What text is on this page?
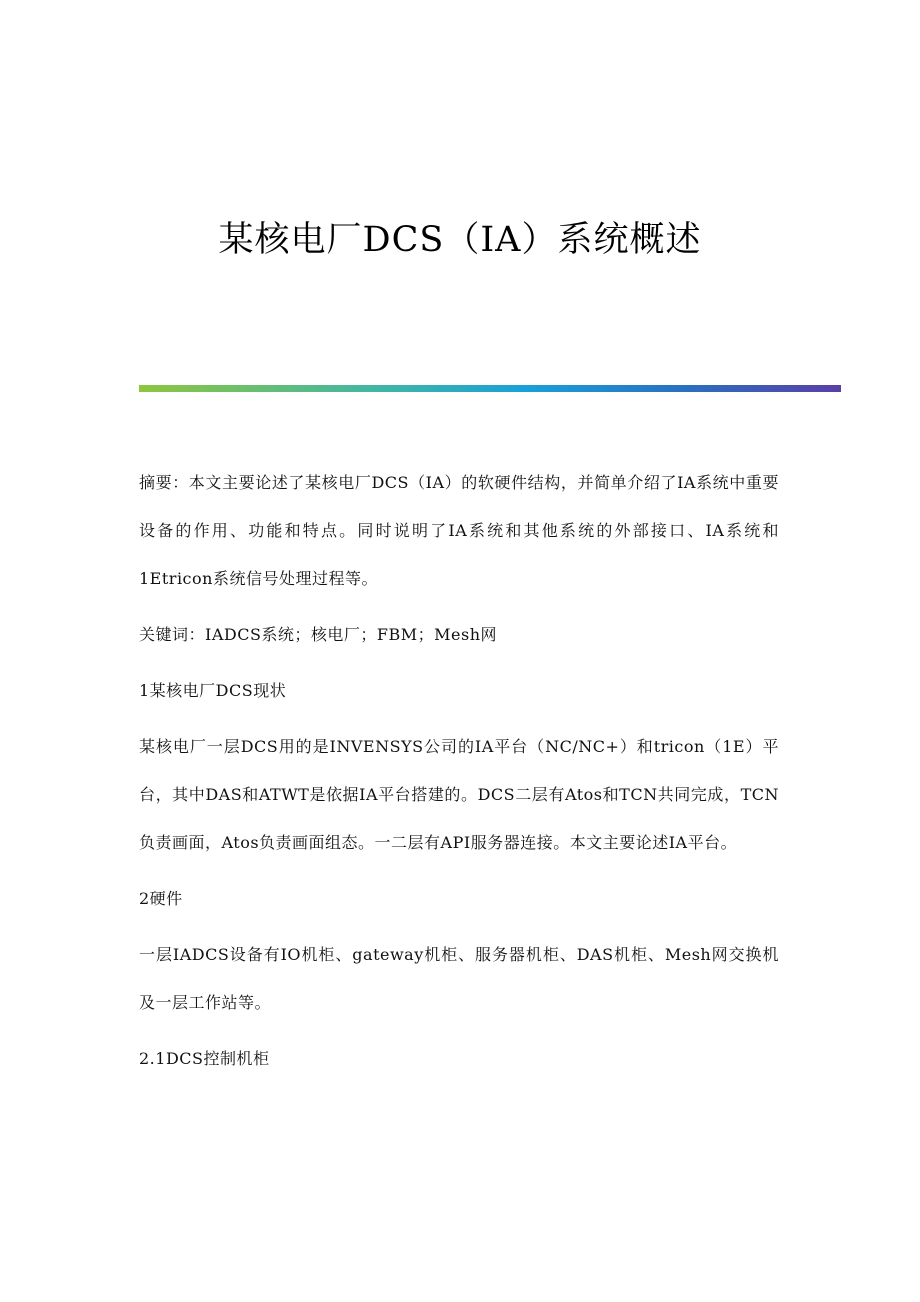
某核电厂DCS（IA）系统概述

摘要：本文主要论述了某核电厂DCS（IA）的软硬件结构，并简单介绍了IA系统中重要设备的作用、功能和特点。同时说明了IA系统和其他系统的外部接口、IA系统和1Etricon系统信号处理过程等。

关键词：IADCS系统；核电厂；FBM；Mesh网

1某核电厂DCS现状

某核电厂一层DCS用的是INVENSYS公司的IA平台（NC/NC+）和tricon（1E）平台，其中DAS和ATWT是依据IA平台搭建的。DCS二层有Atos和TCN共同完成，TCN负责画面，Atos负责画面组态。一二层有API服务器连接。本文主要论述IA平台。

2硬件

一层IADCS设备有IO机柜、gateway机柜、服务器机柜、DAS机柜、Mesh网交换机及一层工作站等。

2.1DCS控制机柜
